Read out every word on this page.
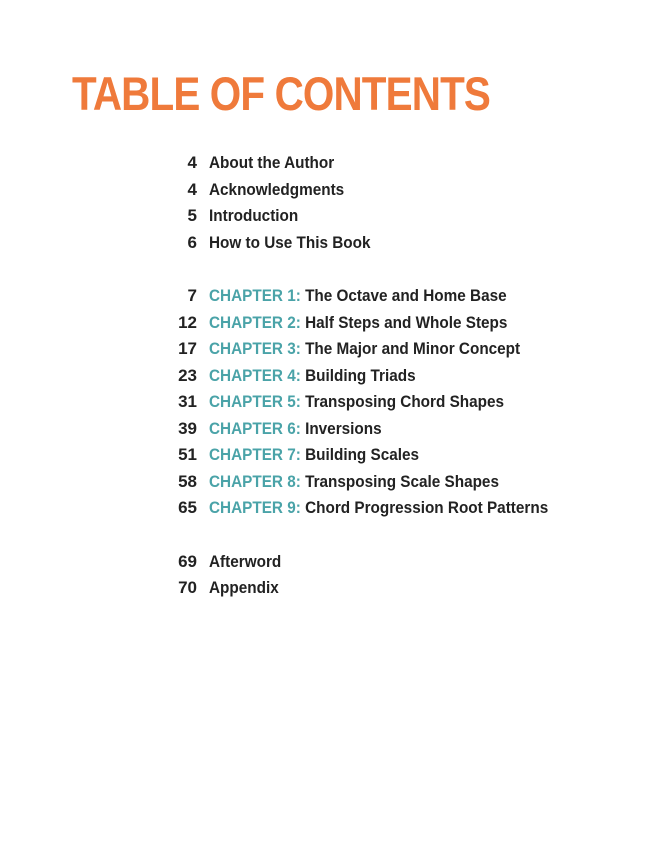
TABLE OF CONTENTS
4 About the Author
4 Acknowledgments
5 Introduction
6 How to Use This Book
7 CHAPTER 1: The Octave and Home Base
12 CHAPTER 2: Half Steps and Whole Steps
17 CHAPTER 3: The Major and Minor Concept
23 CHAPTER 4: Building Triads
31 CHAPTER 5: Transposing Chord Shapes
39 CHAPTER 6: Inversions
51 CHAPTER 7: Building Scales
58 CHAPTER 8: Transposing Scale Shapes
65 CHAPTER 9: Chord Progression Root Patterns
69 Afterword
70 Appendix
